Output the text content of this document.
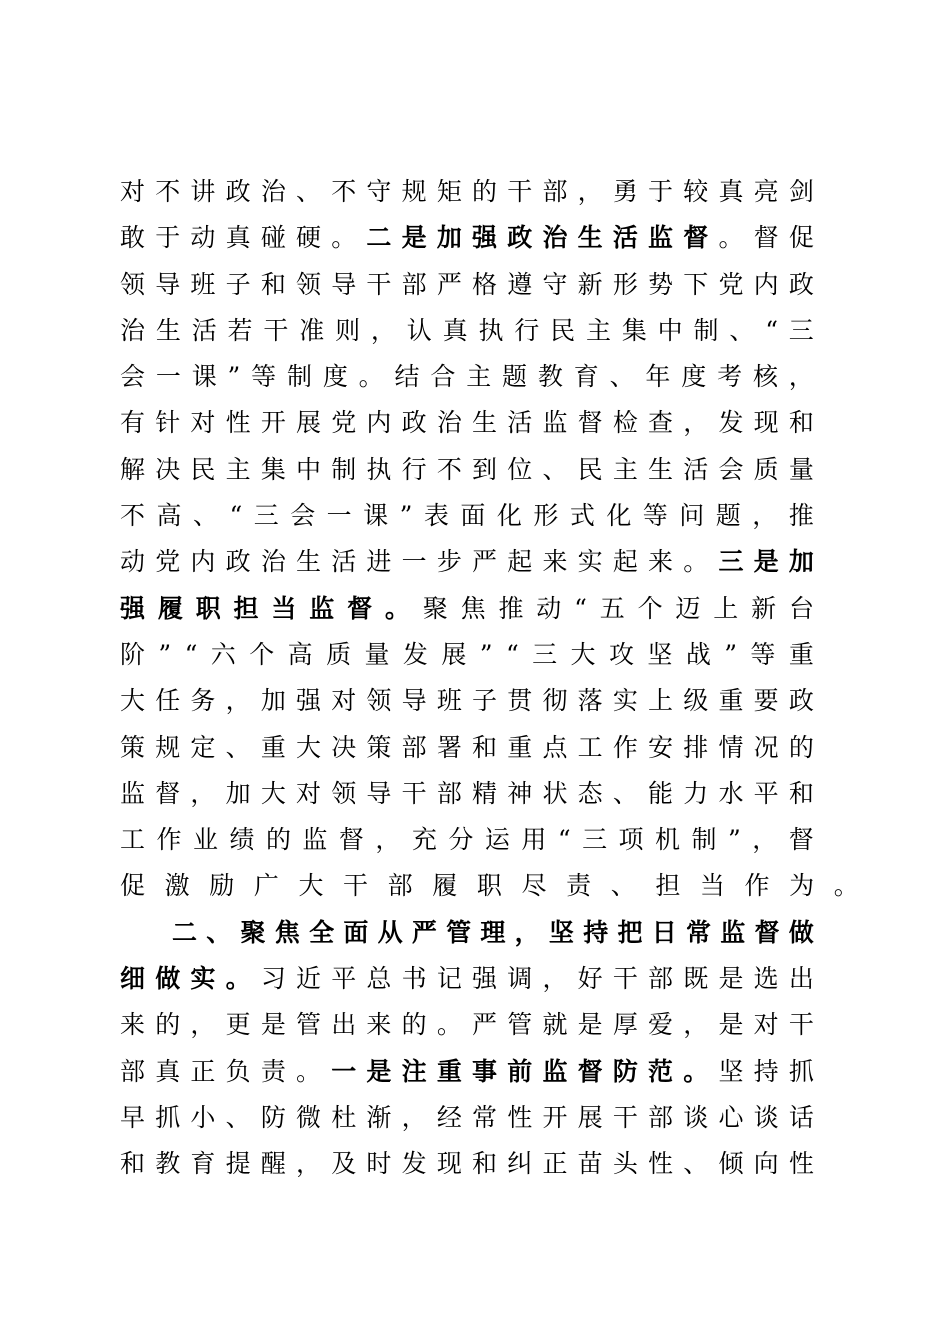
对 不 讲 政 治 、 不 守 规 矩 的 干 部 ， 勇 于 较 真 亮 剑
敢 于 动 真 碰 硬 。 二 是 加 强 政 治 生 活 监 督 。 督 促
领 导 班 子 和 领 导 干 部 严 格 遵 守 新 形 势 下 党 内 政
治 生 活 若 干 准 则 ， 认 真 执 行 民 主 集 中 制 、 “ 三
会 一 课 ” 等 制 度 。 结 合 主 题 教 育 、 年 度 考 核 ，
有 针 对 性 开 展 党 内 政 治 生 活 监 督 检 查 ， 发 现 和
解 决 民 主 集 中 制 执 行 不 到 位 、 民 主 生 活 会 质 量
不 高 、 “ 三 会 一 课 ” 表 面 化 形 式 化 等 问 题 ， 推
动 党 内 政 治 生 活 进 一 步 严 起 来 实 起 来 。 三 是 加
强 履 职 担 当 监 督 。 聚 焦 推 动 “ 五 个 迈 上 新 台
阶 ” “ 六 个 高 质 量 发 展 ” “ 三 大 攻 坚 战 ” 等 重
大 任 务 ， 加 强 对 领 导 班 子 贯 彻 落 实 上 级 重 要 政
策 规 定 、 重 大 决 策 部 署 和 重 点 工 作 安 排 情 况 的
监 督 ， 加 大 对 领 导 干 部 精 神 状 态 、 能 力 水 平 和
工 作 业 绩 的 监 督 ， 充 分 运 用 “ 三 项 机 制 ” ， 督
促 激 励 广 大 干 部 履 职 尽 责 、 担 当 作 为 。
二 、 聚 焦 全 面 从 严 管 理 ， 坚 持 把 日 常 监 督 做
细 做 实 。 习 近 平 总 书 记 强 调 ， 好 干 部 既 是 选 出
来 的 ， 更 是 管 出 来 的 。 严 管 就 是 厚 爱 ， 是 对 干
部 真 正 负 责 。 一 是 注 重 事 前 监 督 防 范 。 坚 持 抓
早 抓 小 、 防 微 杜 渐 ， 经 常 性 开 展 干 部 谈 心 谈 话
和 教 育 提 醒 ， 及 时 发 现 和 纠 正 苗 头 性 、 倾 向 性
